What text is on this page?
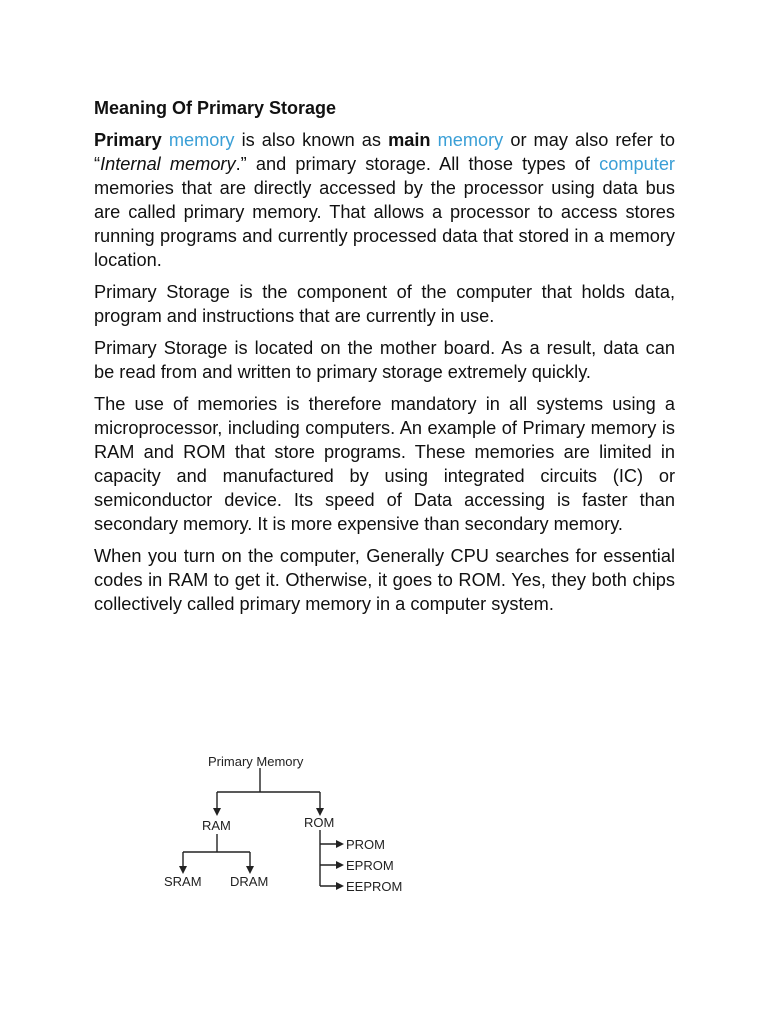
Meaning Of Primary Storage

Primary memory is also known as main memory or may also refer to “Internal memory.” and primary storage. All those types of computer memories that are directly accessed by the processor using data bus are called primary memory. That allows a processor to access stores running programs and currently processed data that stored in a memory location.

Primary Storage is the component of the computer that holds data, program and instructions that are currently in use.

Primary Storage is located on the mother board. As a result, data can be read from and written to primary storage extremely quickly.

The use of memories is therefore mandatory in all systems using a microprocessor, including computers. An example of Primary memory is RAM and ROM that store programs. These memories are limited in capacity and manufactured by using integrated circuits (IC) or semiconductor device. Its speed of Data accessing is faster than secondary memory. It is more expensive than secondary memory.

When you turn on the computer, Generally CPU searches for essential codes in RAM to get it. Otherwise, it goes to ROM. Yes, they both chips collectively called primary memory in a computer system.

Primary Memory
RAM	ROM
SRAM DRAM
PROM
EPROM
EEPROM
